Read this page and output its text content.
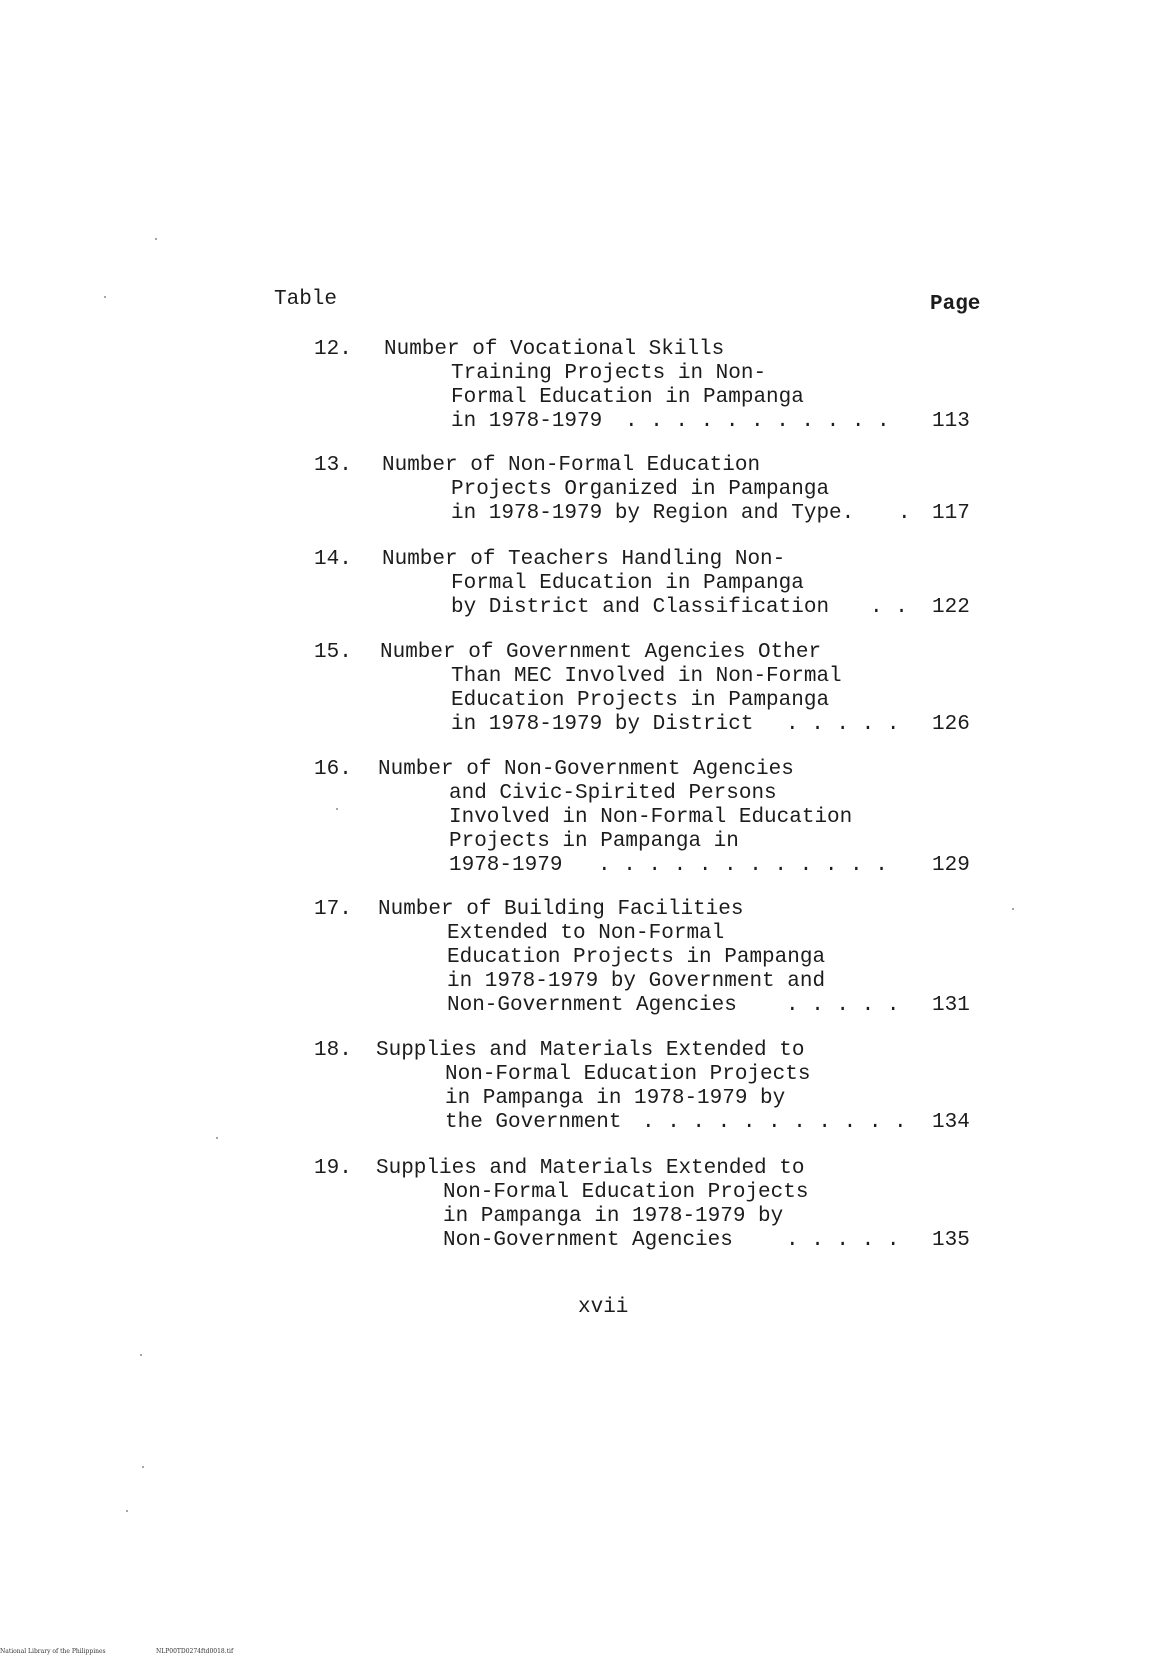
Table	Page
12. Number of Vocational Skills
Training Projects in Non-
Formal Education in Pampanga
in 1978-1979 . . . . . . . . . . . 113
13. Number of Non-Formal Education
Projects Organized in Pampanga
in 1978-1979 by Region and Type. . 117
14. Number of Teachers Handling Non-
Formal Education in Pampanga
by District and Classification . . 122
15. Number of Government Agencies Other
Than MEC Involved in Non-Formal
Education Projects in Pampanga
in 1978-1979 by District . . . . . 126
16. Number of Non-Government Agencies
and Civic-Spirited Persons
Involved in Non-Formal Education
Projects in Pampanga in
1978-1979 . . . . . . . . . . . . 129
17. Number of Building Facilities
Extended to Non-Formal
Education Projects in Pampanga
in 1978-1979 by Government and
Non-Government Agencies . . . . . 131
18. Supplies and Materials Extended to
Non-Formal Education Projects
in Pampanga in 1978-1979 by
the Government . . . . . . . . . . . 134
19. Supplies and Materials Extended to
Non-Formal Education Projects
in Pampanga in 1978-1979 by
Non-Government Agencies	. . . . . 135
xvii
National Library of the Philippines	NLP00TD0274ftd0018.tif
